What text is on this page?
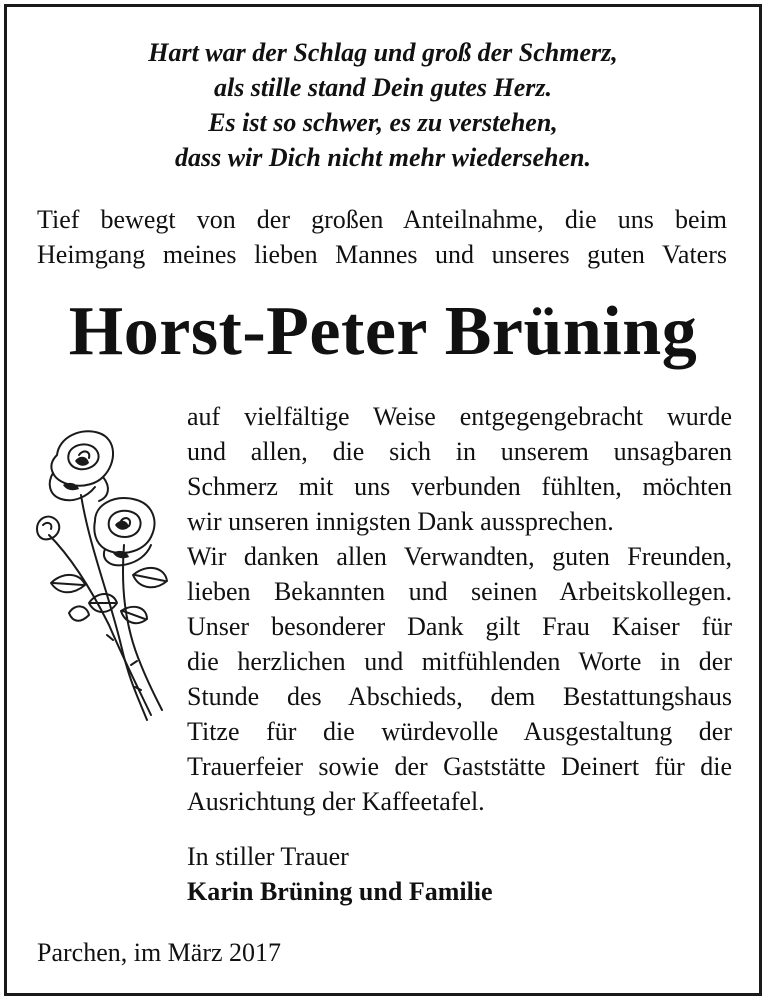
Hart war der Schlag und groß der Schmerz,
als stille stand Dein gutes Herz.
Es ist so schwer, es zu verstehen,
dass wir Dich nicht mehr wiedersehen.
Tief bewegt von der großen Anteilnahme, die uns beim
Heimgang meines lieben Mannes und unseres guten Vaters
Horst-Peter Brüning
auf vielfältige Weise entgegengebracht wurde
und allen, die sich in unserem unsagbaren
Schmerz mit uns verbunden fühlten, möchten
wir unseren innigsten Dank aussprechen.
Wir danken allen Verwandten, guten Freunden,
lieben Bekannten und seinen Arbeitskollegen.
Unser besonderer Dank gilt Frau Kaiser für
die herzlichen und mitfühlenden Worte in der
Stunde des Abschieds, dem Bestattungshaus
Titze für die würdevolle Ausgestaltung der
Trauerfeier sowie der Gaststätte Deinert für die
Ausrichtung der Kaffeetafel.
In stiller Trauer
Karin Brüning und Familie
Parchen, im März 2017
